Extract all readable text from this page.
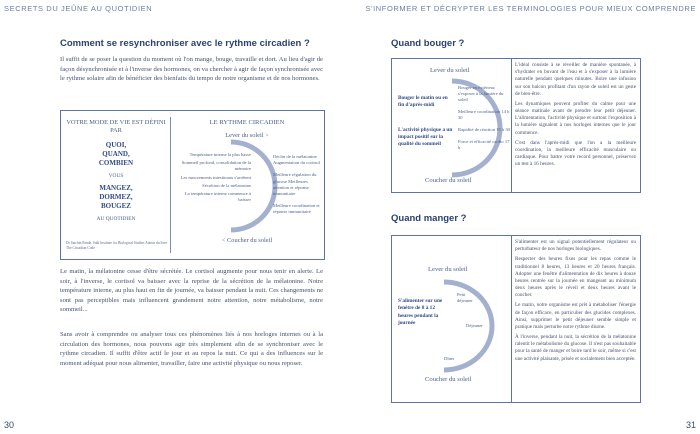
SECRETS DU JEÛNE AU QUOTIDIEN	S'INFORMER ET DÉCRYPTER LES TERMINOLOGIES POUR MIEUX COMPRENDRE
Comment se resynchroniser avec le rythme circadien ?

Il suffit de se poser la question du moment où l'on mange, bouge, travaille et dort. Au lieu d'agir de façon désynchronisée et à l'inverse des hormones, on va chercher à agir de façon synchronisée avec le rythme solaire afin de bénéficier des bienfaits du tempo de notre organisme et de nos hormones.

VOTRE MODE DE VIE EST DÉFINI PAR
QUOI,
QUAND,
COMBIEN
VOUS
MANGEZ,
DORMEZ,
BOUGEZ
AU QUOTIDIEN
Dr Satchin Panda, Salk Institute for Biological Studies Auteur du livre The Circadian Code
LE RYTHME CIRCADIEN
Lever du soleil >
Température interne la plus basse
Sommeil profond, consolidation de la mémoire
Les mouvements intestinaux s'arrêtent
Sécrétion de la mélatonine
La température interne commence à baisser
Déclin de la mélatonine Augmentation du cortisol
Meilleure régulation du glucose Meilleures attention et réponse immunitaire
Meilleure coordination et réponse immunitaire
< Coucher du soleil

Le matin, la mélatonine cesse d'être sécrétée. Le cortisol augmente pour nous tenir en alerte. Le soir, à l'inverse, le cortisol va baisser avec la reprise de la sécrétion de la mélatonine. Notre température interne, au plus haut en fin de journée, va baisser pendant la nuit. Ces changements ne sont pas perceptibles mais influencent grandement notre attention, notre métabolisme, notre sommeil...

Sans avoir à comprendre ou analyser tous ces phénomènes liés à nos horloges internes ou à la circulation des hormones, nous pouvons agir très simplement afin de se synchroniser avec le rythme circadien. Il suffit d'être actif le jour et au repos la nuit. Ce qui a des influences sur le moment adéquat pour nous alimenter, travailler, faire une activité physique ou nous reposer.

30
Quand bouger ?
Lever du soleil
Bouger le matin ou en fin d'après-midi
L'activité physique a un impact positif sur la qualité du sommeil
Bouger en extérieur, s'exposer à la lumière du soleil
Meilleure coordination 14 h 30
Rapidité de réaction 15 h 30
Force et efficacité cardio 17 h
Coucher du soleil

L'idéal consiste à se réveiller de manière spontanée, à s'hydrater en buvant de l'eau et à s'exposer à la lumière naturelle pendant quelques minutes. Boire une infusion sur son balcon profitant d'un rayon de soleil est un geste de bien-être.

Les dynamiques peuvent profiter du calme pour une séance matinale avant de prendre leur petit déjeuner. L'alimentation, l'activité physique et surtout l'exposition à la lumière signalent à nos horloges internes que le jour commence.

C'est dans l'après-midi que l'on a la meilleure coordination, la meilleure efficacité musculaire ou cardiaque. Pour battre votre record personnel, préservez un test à 16 heures.

Quand manger ?
Lever du soleil
S'alimenter sur une fenêtre de 8 à 12 heures pendant la journée
Petit déjeuner
Déjeuner
Dîner
Coucher du soleil

S'alimenter est un signal potentiellement régulateur ou perturbateur de nos horloges biologiques.

Respecter des heures fixes pour les repas comme le traditionnel 8 heures, 13 heures et 20 heures français. Adopter une fenêtre d'alimentation de dix heures à douze heures centrée sur la journée en mangeant au minimum deux heures après le réveil et deux heures avant le coucher.

Le matin, notre organisme est prêt à métaboliser l'énergie de façon efficace, en particulier des glucides complexes. Ainsi, supprimer le petit déjeuner semble simple et pratique mais perturbe notre rythme diurne.

À l'inverse, pendant la nuit, la sécrétion de la mélatonine ralentit le métabolisme du glucose. Il n'est pas souhaitable pour la santé de manger et boire tard le soir, même si c'est une activité plaisante, prisée et socialement bien acceptée.

31
